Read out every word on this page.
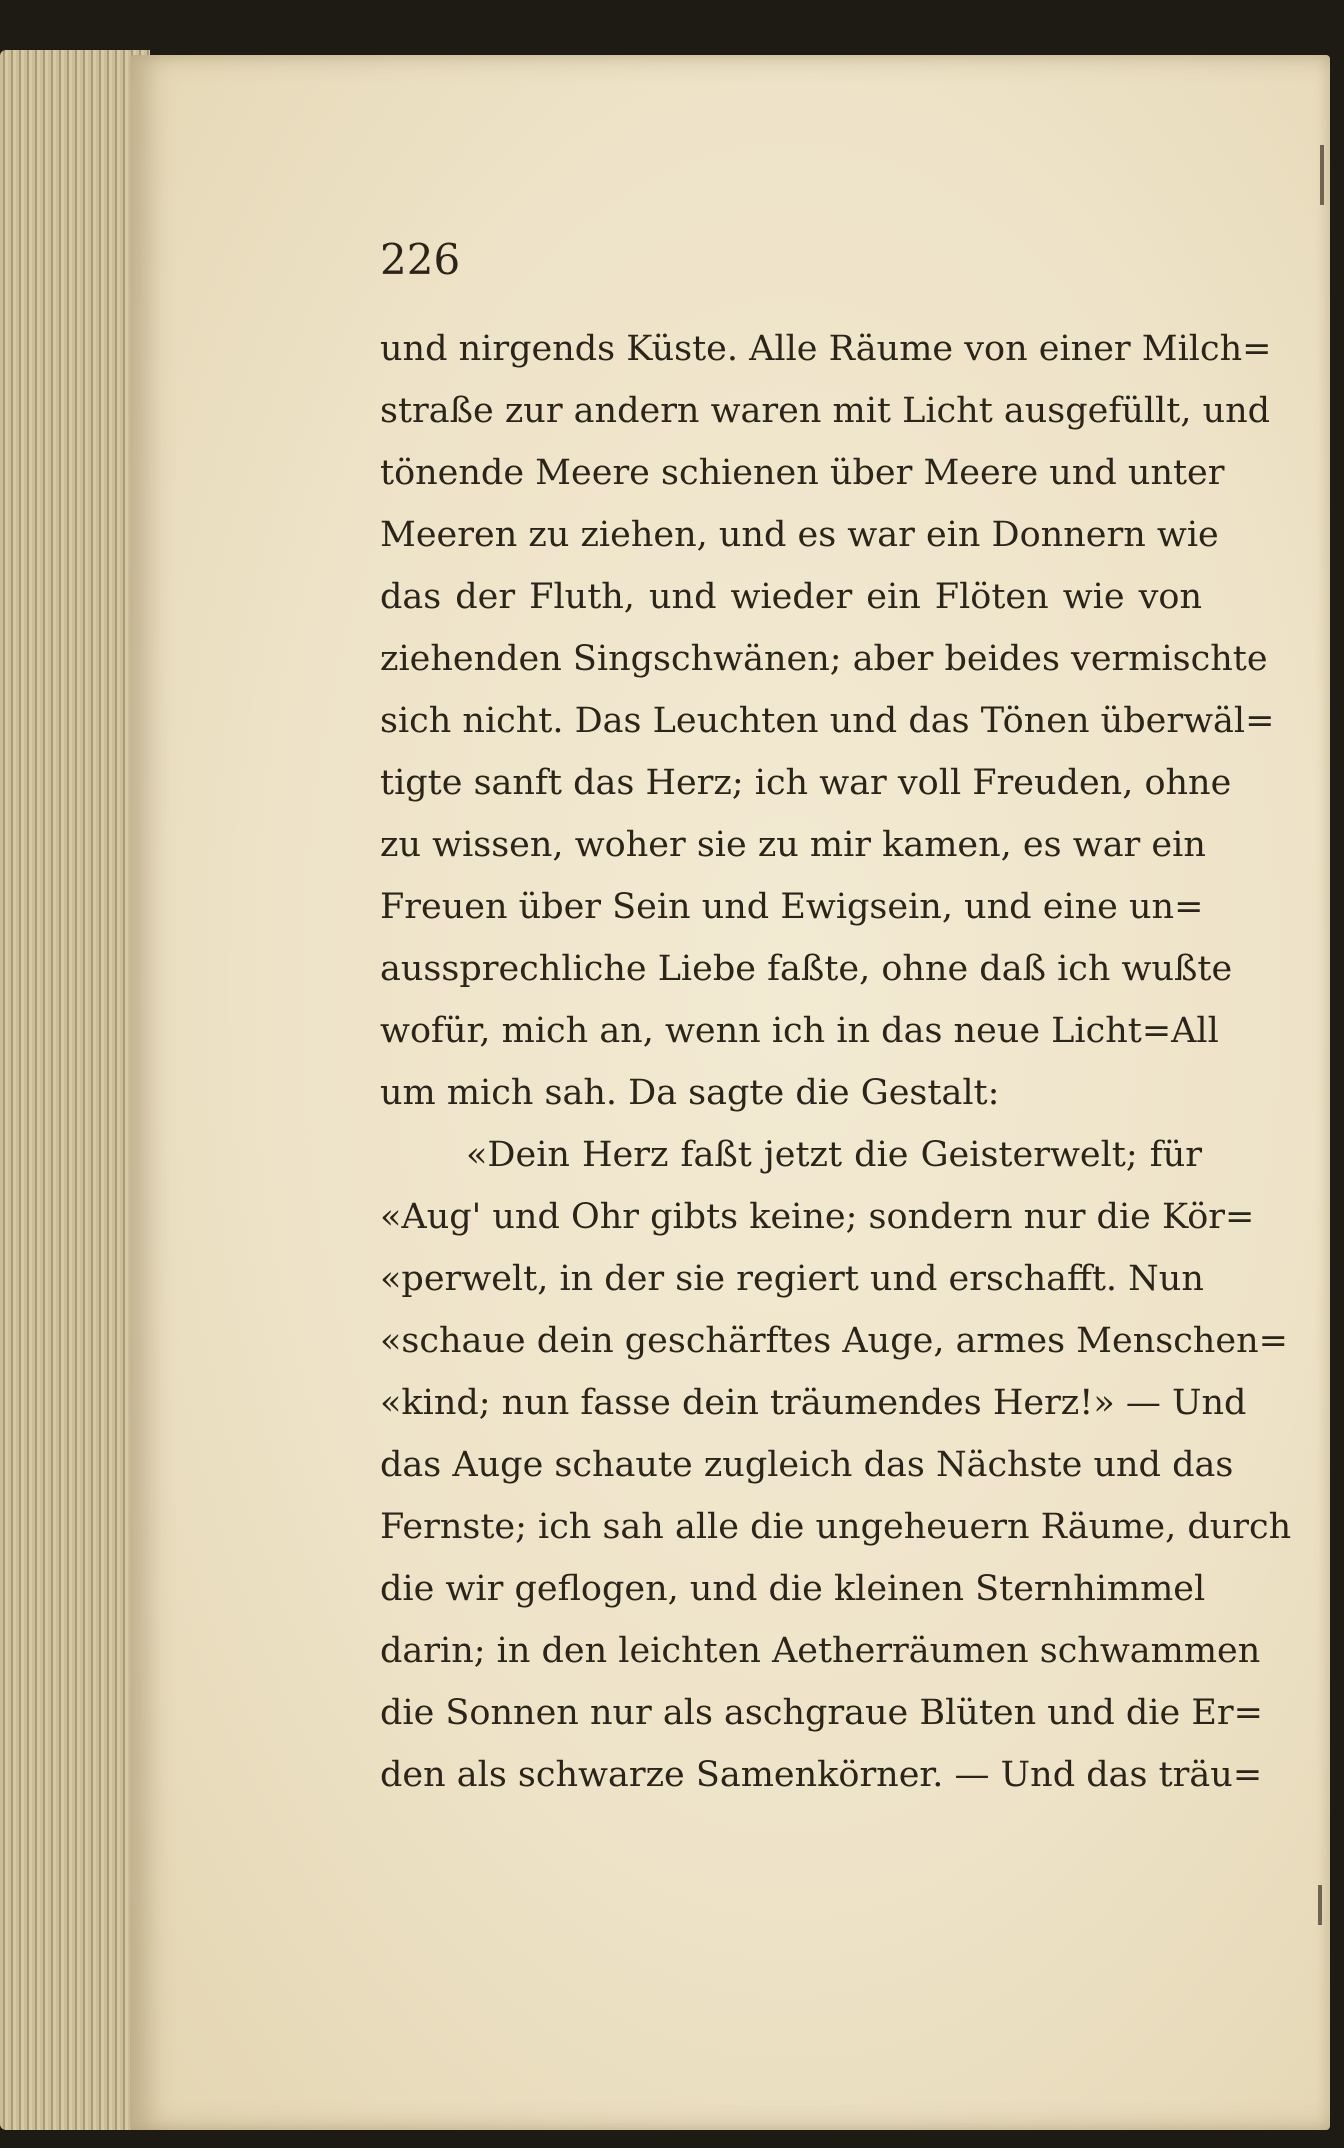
226
und nirgends Küste. Alle Räume von einer Milch=
straße zur andern waren mit Licht ausgefüllt, und
tönende Meere schienen über Meere und unter
Meeren zu ziehen, und es war ein Donnern wie
das der Fluth, und wieder ein Flöten wie von
ziehenden Singschwänen; aber beides vermischte
sich nicht. Das Leuchten und das Tönen überwäl=
tigte sanft das Herz; ich war voll Freuden, ohne
zu wissen, woher sie zu mir kamen, es war ein
Freuen über Sein und Ewigsein, und eine un=
aussprechliche Liebe faßte, ohne daß ich wußte
wofür, mich an, wenn ich in das neue Licht=All
um mich sah. Da sagte die Gestalt:
«Dein Herz faßt jetzt die Geisterwelt; für
«Aug' und Ohr gibts keine; sondern nur die Kör=
«perwelt, in der sie regiert und erschafft. Nun
«schaue dein geschärftes Auge, armes Menschen=
«kind; nun fasse dein träumendes Herz!» — Und
das Auge schaute zugleich das Nächste und das
Fernste; ich sah alle die ungeheuern Räume, durch
die wir geflogen, und die kleinen Sternhimmel
darin; in den leichten Aetherräumen schwammen
die Sonnen nur als aschgraue Blüten und die Er=
den als schwarze Samenkörner. — Und das träu=
